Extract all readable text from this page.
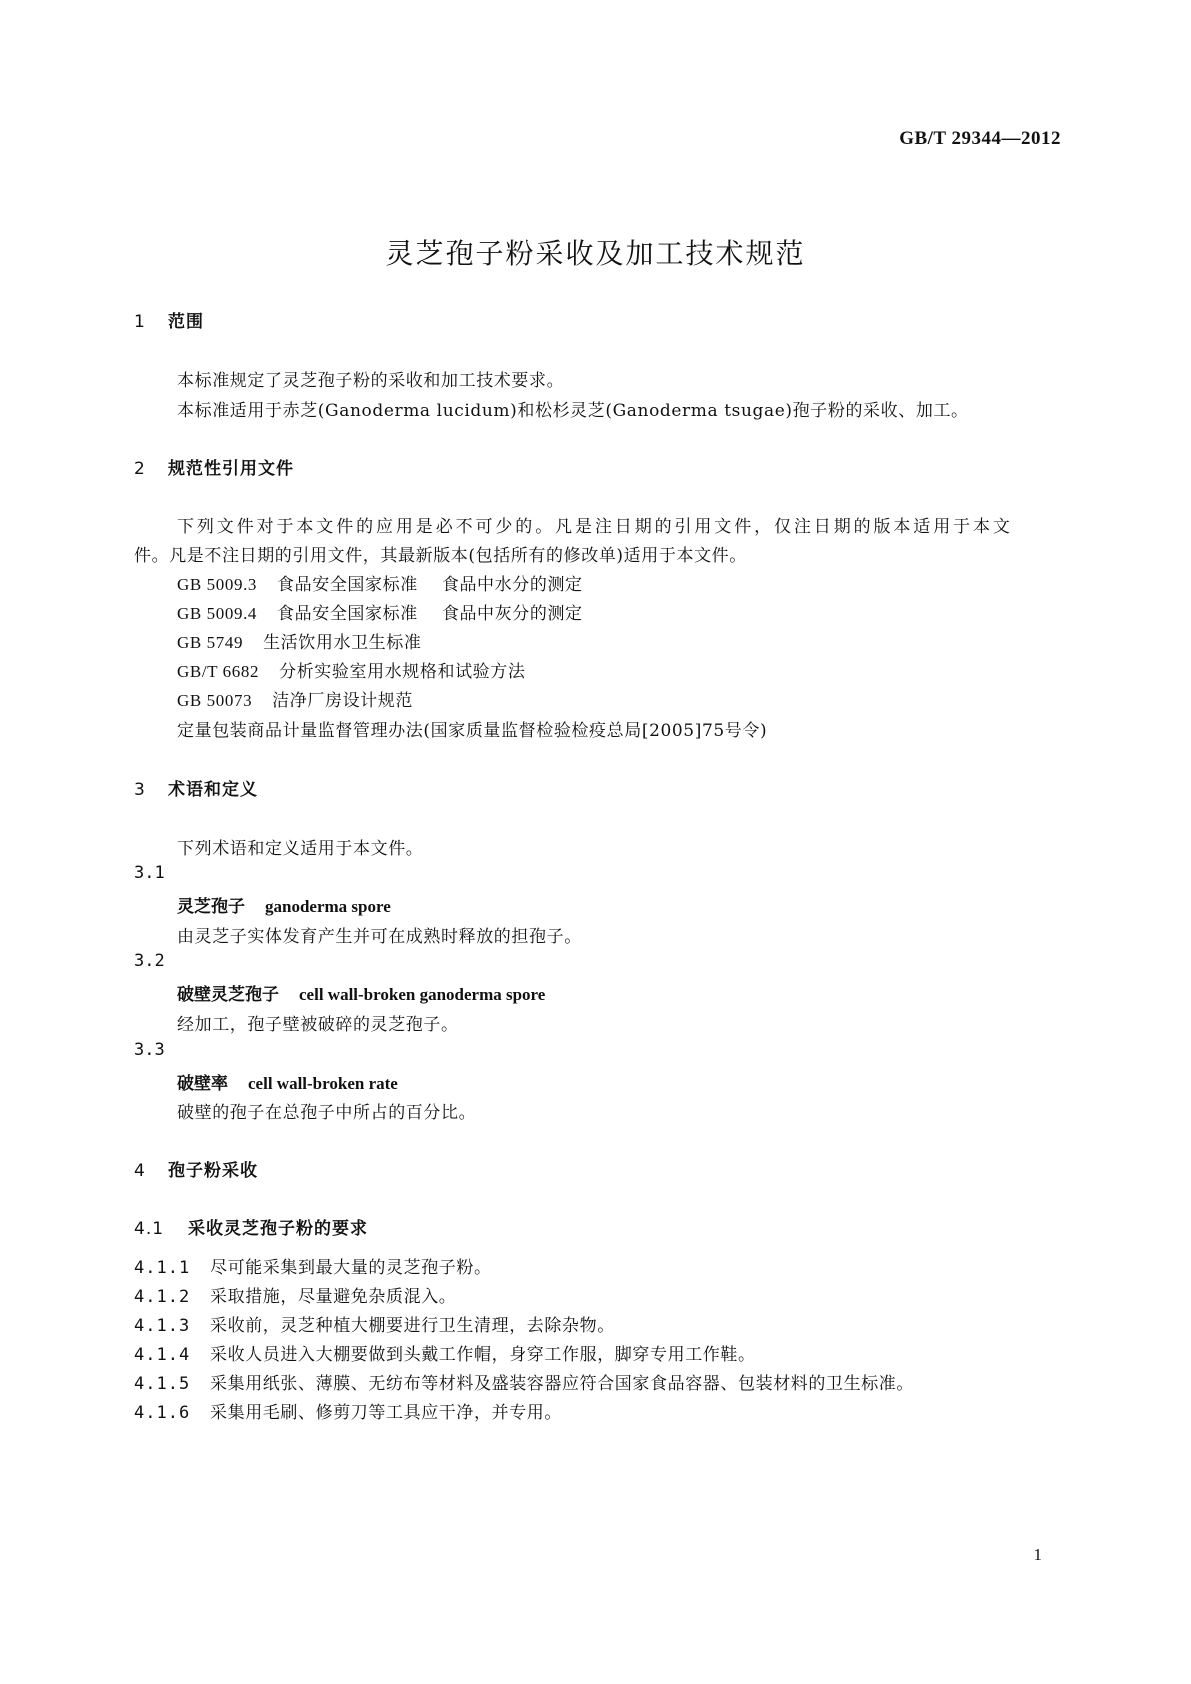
GB/T 29344—2012
灵芝孢子粉采收及加工技术规范
1 范围
本标准规定了灵芝孢子粉的采收和加工技术要求。
本标准适用于赤芝(Ganoderma lucidum)和松杉灵芝(Ganoderma tsugae)孢子粉的采收、加工。
2 规范性引用文件
下列文件对于本文件的应用是必不可少的。凡是注日期的引用文件，仅注日期的版本适用于本文
件。凡是不注日期的引用文件，其最新版本(包括所有的修改单)适用于本文件。
GB 5009.3 食品安全国家标准 食品中水分的测定
GB 5009.4 食品安全国家标准 食品中灰分的测定
GB 5749 生活饮用水卫生标准
GB/T 6682 分析实验室用水规格和试验方法
GB 50073 洁净厂房设计规范
定量包装商品计量监督管理办法(国家质量监督检验检疫总局[2005]75号令)
3 术语和定义
下列术语和定义适用于本文件。
3.1
灵芝孢子 ganoderma spore
由灵芝子实体发育产生并可在成熟时释放的担孢子。
3.2
破壁灵芝孢子 cell wall-broken ganoderma spore
经加工，孢子壁被破碎的灵芝孢子。
3.3
破壁率 cell wall-broken rate
破壁的孢子在总孢子中所占的百分比。
4 孢子粉采收
4.1 采收灵芝孢子粉的要求
4.1.1 尽可能采集到最大量的灵芝孢子粉。
4.1.2 采取措施，尽量避免杂质混入。
4.1.3 采收前，灵芝种植大棚要进行卫生清理，去除杂物。
4.1.4 采收人员进入大棚要做到头戴工作帽，身穿工作服，脚穿专用工作鞋。
4.1.5 采集用纸张、薄膜、无纺布等材料及盛装容器应符合国家食品容器、包装材料的卫生标准。
4.1.6 采集用毛刷、修剪刀等工具应干净，并专用。
1
